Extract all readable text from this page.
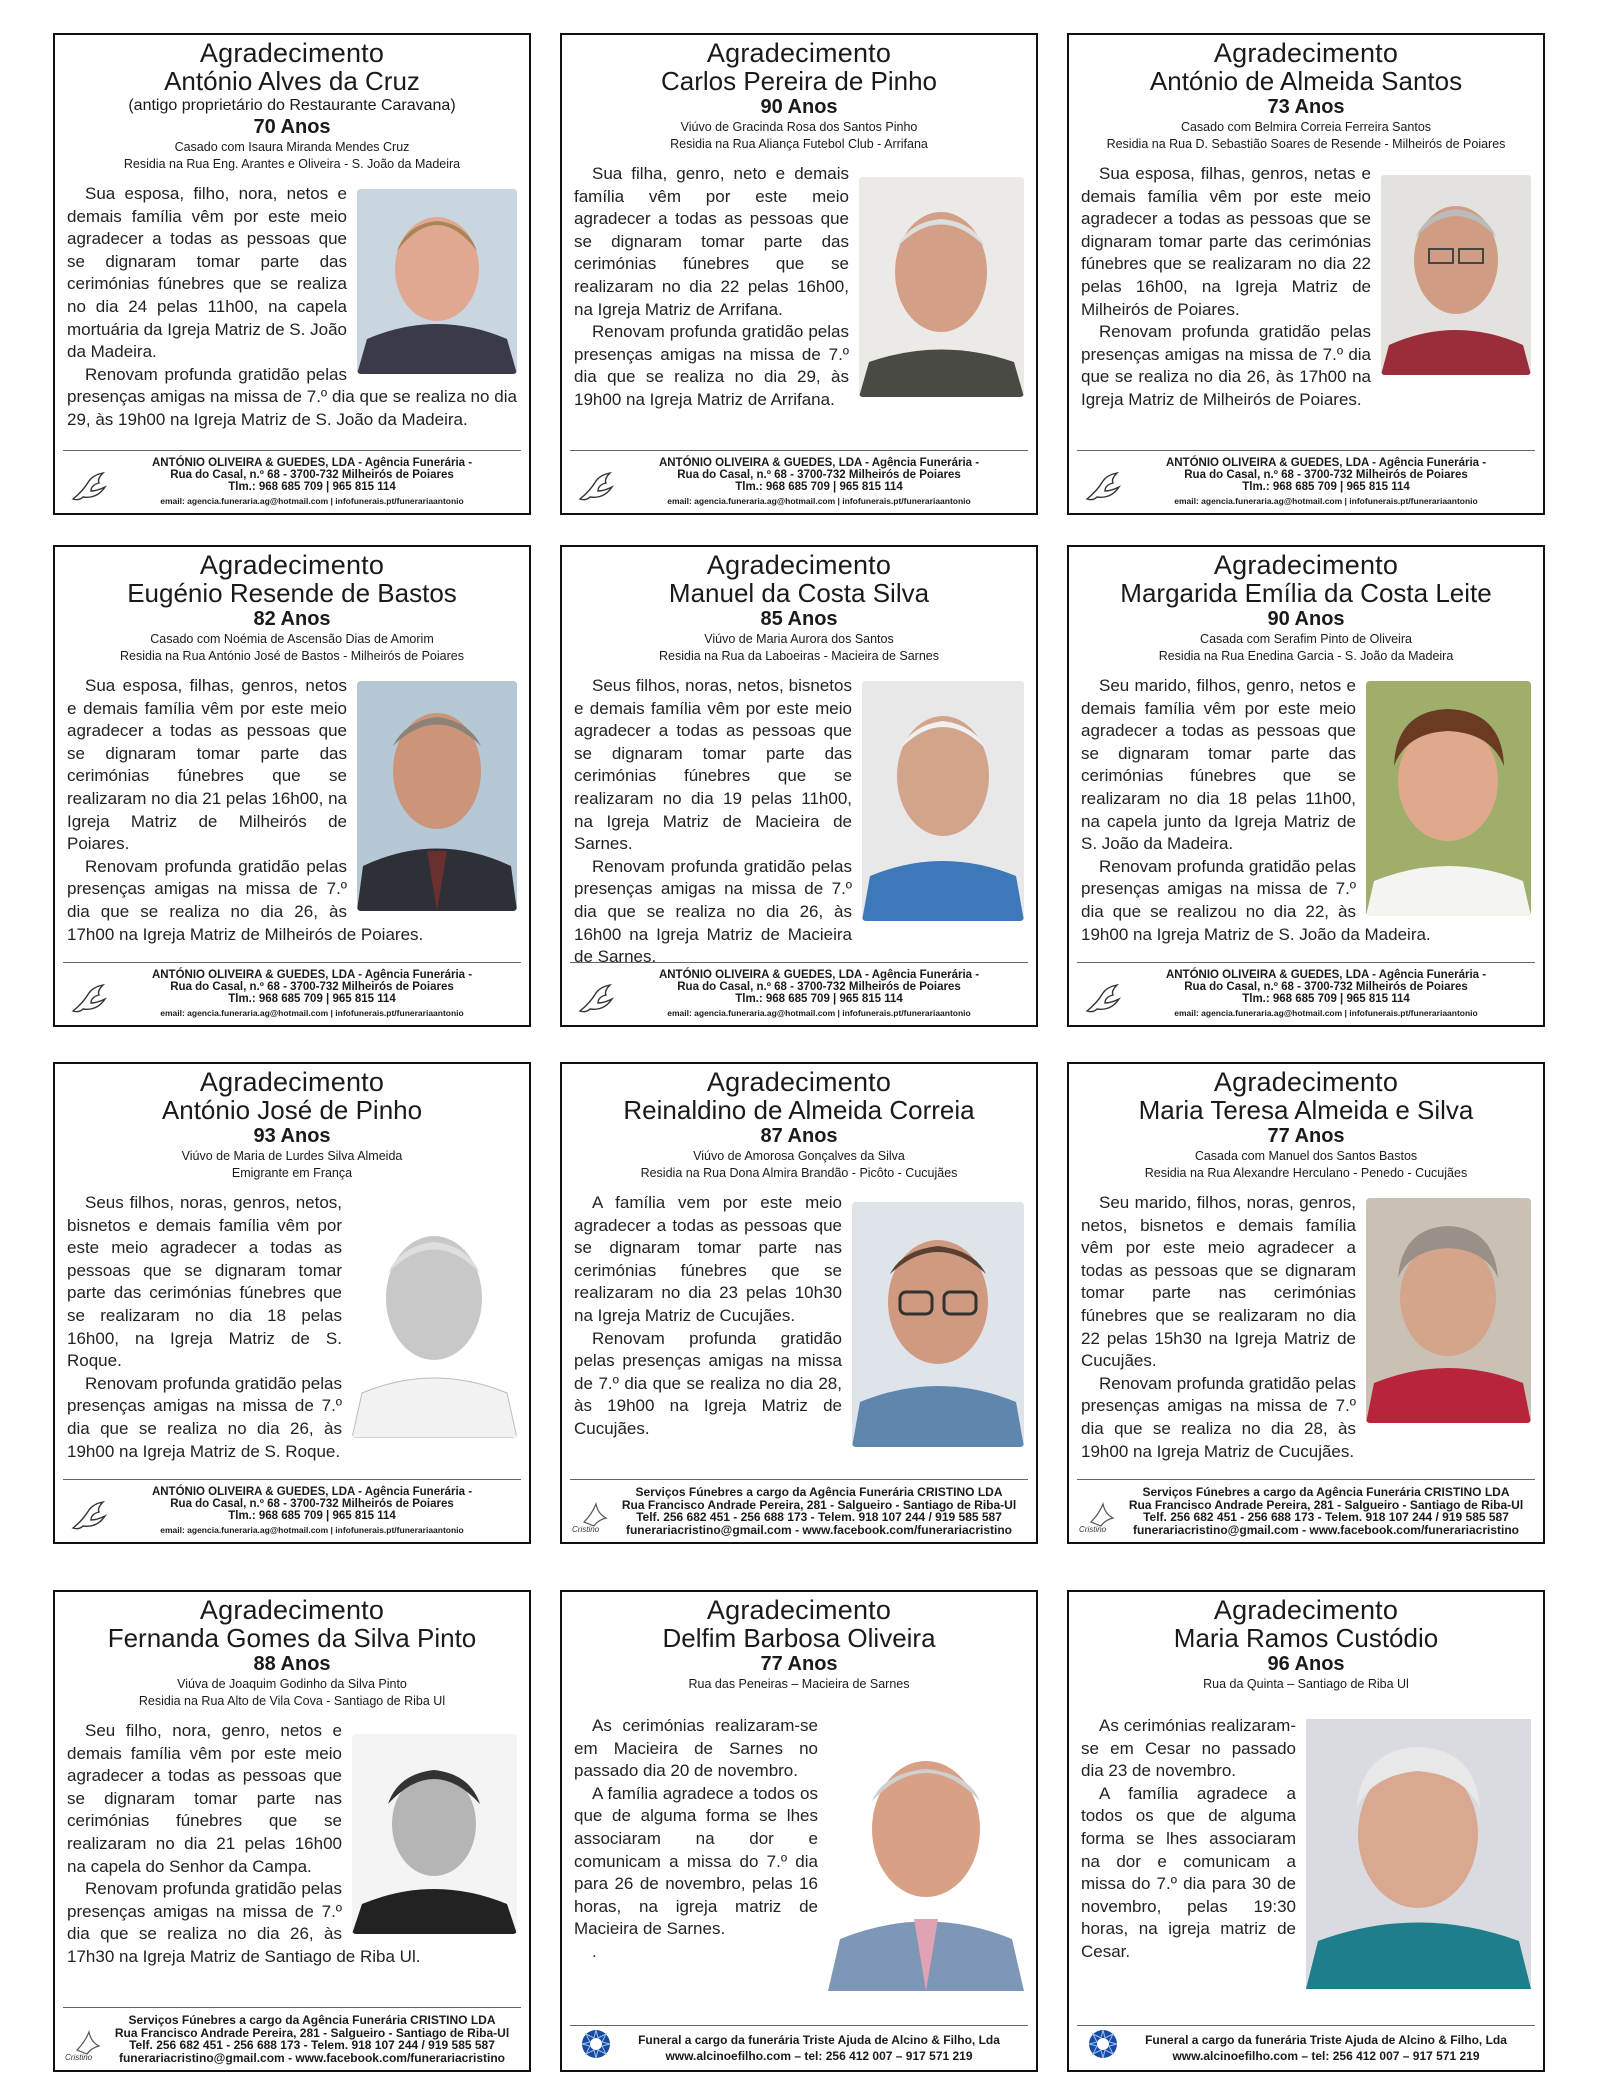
Agradecimento
António Alves da Cruz
(antigo proprietário do Restaurante Caravana)
70 Anos
Casado com Isaura Miranda Mendes Cruz
Residia na Rua Eng. Arantes e Oliveira - S. João da Madeira

Sua esposa, filho, nora, netos e demais família vêm por este meio agradecer a todas as pessoas que se dignaram tomar parte das cerimónias fúnebres que se realiza no dia 24 pelas 11h00, na capela mortuária da Igreja Matriz de S. João da Madeira.

Renovam profunda gratidão pelas presenças amigas na missa de 7.º dia que se realiza no dia 29, às 19h00 na Igreja Matriz de S. João da Madeira.

ANTÓNIO OLIVEIRA & GUEDES, LDA - Agência Funerária -
Rua do Casal, n.º 68 - 3700-732 Milheirós de Poiares
Tlm.: 968 685 709 | 965 815 114
email: agencia.funeraria.ag@hotmail.com | infofunerais.pt/funerariaantonio
Agradecimento
Carlos Pereira de Pinho
90 Anos
Viúvo de Gracinda Rosa dos Santos Pinho
Residia na Rua Aliança Futebol Club - Arrifana

Sua filha, genro, neto e demais família vêm por este meio agradecer a todas as pessoas que se dignaram tomar parte das cerimónias fúnebres que se realizaram no dia 22 pelas 16h00, na Igreja Matriz de Arrifana.

Renovam profunda gratidão pelas presenças amigas na missa de 7.º dia que se realiza no dia 29, às 19h00 na Igreja Matriz de Arrifana.

ANTÓNIO OLIVEIRA & GUEDES, LDA - Agência Funerária -
Rua do Casal, n.º 68 - 3700-732 Milheirós de Poiares
Tlm.: 968 685 709 | 965 815 114
email: agencia.funeraria.ag@hotmail.com | infofunerais.pt/funerariaantonio
Agradecimento
António de Almeida Santos
73 Anos
Casado com Belmira Correia Ferreira Santos
Residia na Rua D. Sebastião Soares de Resende - Milheirós de Poiares

Sua esposa, filhas, genros, netas e demais família vêm por este meio agradecer a todas as pessoas que se dignaram tomar parte das cerimónias fúnebres que se realizaram no dia 22 pelas 16h00, na Igreja Matriz de Milheirós de Poiares.

Renovam profunda gratidão pelas presenças amigas na missa de 7.º dia que se realiza no dia 26, às 17h00 na Igreja Matriz de Milheirós de Poiares.

ANTÓNIO OLIVEIRA & GUEDES, LDA - Agência Funerária -
Rua do Casal, n.º 68 - 3700-732 Milheirós de Poiares
Tlm.: 968 685 709 | 965 815 114
email: agencia.funeraria.ag@hotmail.com | infofunerais.pt/funerariaantonio
Agradecimento
Eugénio Resende de Bastos
82 Anos
Casado com Noémia de Ascensão Dias de Amorim
Residia na Rua António José de Bastos - Milheirós de Poiares

Sua esposa, filhas, genros, netos e demais família vêm por este meio agradecer a todas as pessoas que se dignaram tomar parte das cerimónias fúnebres que se realizaram no dia 21 pelas 16h00, na Igreja Matriz de Milheirós de Poiares.

Renovam profunda gratidão pelas presenças amigas na missa de 7.º dia que se realiza no dia 26, às 17h00 na Igreja Matriz de Milheirós de Poiares.

ANTÓNIO OLIVEIRA & GUEDES, LDA - Agência Funerária -
Rua do Casal, n.º 68 - 3700-732 Milheirós de Poiares
Tlm.: 968 685 709 | 965 815 114
email: agencia.funeraria.ag@hotmail.com | infofunerais.pt/funerariaantonio
Agradecimento
Manuel da Costa Silva
85 Anos
Viúvo de Maria Aurora dos Santos
Residia na Rua da Laboeiras - Macieira de Sarnes

Seus filhos, noras, netos, bisnetos e demais família vêm por este meio agradecer a todas as pessoas que se dignaram tomar parte das cerimónias fúnebres que se realizaram no dia 19 pelas 11h00, na Igreja Matriz de Macieira de Sarnes.

Renovam profunda gratidão pelas presenças amigas na missa de 7.º dia que se realiza no dia 26, às 16h00 na Igreja Matriz de Macieira de Sarnes.

ANTÓNIO OLIVEIRA & GUEDES, LDA - Agência Funerária -
Rua do Casal, n.º 68 - 3700-732 Milheirós de Poiares
Tlm.: 968 685 709 | 965 815 114
email: agencia.funeraria.ag@hotmail.com | infofunerais.pt/funerariaantonio
Agradecimento
Margarida Emília da Costa Leite
90 Anos
Casada com Serafim Pinto de Oliveira
Residia na Rua Enedina Garcia - S. João da Madeira

Seu marido, filhos, genro, netos e demais família vêm por este meio agradecer a todas as pessoas que se dignaram tomar parte das cerimónias fúnebres que se realizaram no dia 18 pelas 11h00, na capela junto da Igreja Matriz de S. João da Madeira.

Renovam profunda gratidão pelas presenças amigas na missa de 7.º dia que se realizou no dia 22, às 19h00 na Igreja Matriz de S. João da Madeira.

ANTÓNIO OLIVEIRA & GUEDES, LDA - Agência Funerária -
Rua do Casal, n.º 68 - 3700-732 Milheirós de Poiares
Tlm.: 968 685 709 | 965 815 114
email: agencia.funeraria.ag@hotmail.com | infofunerais.pt/funerariaantonio
Agradecimento
António José de Pinho
93 Anos
Viúvo de Maria de Lurdes Silva Almeida
Emigrante em França

Seus filhos, noras, genros, netos, bisnetos e demais família vêm por este meio agradecer a todas as pessoas que se dignaram tomar parte das cerimónias fúnebres que se realizaram no dia 18 pelas 16h00, na Igreja Matriz de S. Roque.

Renovam profunda gratidão pelas presenças amigas na missa de 7.º dia que se realiza no dia 26, às 19h00 na Igreja Matriz de S. Roque.

ANTÓNIO OLIVEIRA & GUEDES, LDA - Agência Funerária -
Rua do Casal, n.º 68 - 3700-732 Milheirós de Poiares
Tlm.: 968 685 709 | 965 815 114
email: agencia.funeraria.ag@hotmail.com | infofunerais.pt/funerariaantonio
Agradecimento
Reinaldino de Almeida Correia
87 Anos
Viúvo de Amorosa Gonçalves da Silva
Residia na Rua Dona Almira Brandão - Picôto - Cucujães

A família vem por este meio agradecer a todas as pessoas que se dignaram tomar parte nas cerimónias fúnebres que se realizaram no dia 23 pelas 10h30 na Igreja Matriz de Cucujães.

Renovam profunda gratidão pelas presenças amigas na missa de 7.º dia que se realiza no dia 28, às 19h00 na Igreja Matriz de Cucujães.

Serviços Fúnebres a cargo da Agência Funerária CRISTINO LDA
Rua Francisco Andrade Pereira, 281 - Salgueiro - Santiago de Riba-Ul
Telf. 256 682 451 - 256 688 173 - Telem. 918 107 244 / 919 585 587
funerariacristino@gmail.com - www.facebook.com/funerariacristino
Cristino
Agradecimento
Maria Teresa Almeida e Silva
77 Anos
Casada com Manuel dos Santos Bastos
Residia na Rua Alexandre Herculano - Penedo - Cucujães

Seu marido, filhos, noras, genros, netos, bisnetos e demais família vêm por este meio agradecer a todas as pessoas que se dignaram tomar parte nas cerimónias fúnebres que se realizaram no dia 22 pelas 15h30 na Igreja Matriz de Cucujães.

Renovam profunda gratidão pelas presenças amigas na missa de 7.º dia que se realiza no dia 28, às 19h00 na Igreja Matriz de Cucujães.

Serviços Fúnebres a cargo da Agência Funerária CRISTINO LDA
Rua Francisco Andrade Pereira, 281 - Salgueiro - Santiago de Riba-Ul
Telf. 256 682 451 - 256 688 173 - Telem. 918 107 244 / 919 585 587
funerariacristino@gmail.com - www.facebook.com/funerariacristino
Cristino
Agradecimento
Fernanda Gomes da Silva Pinto
88 Anos
Viúva de Joaquim Godinho da Silva Pinto
Residia na Rua Alto de Vila Cova - Santiago de Riba Ul

Seu filho, nora, genro, netos e demais família vêm por este meio agradecer a todas as pessoas que se dignaram tomar parte nas cerimónias fúnebres que se realizaram no dia 21 pelas 16h00 na capela do Senhor da Campa.

Renovam profunda gratidão pelas presenças amigas na missa de 7.º dia que se realiza no dia 26, às 17h30 na Igreja Matriz de Santiago de Riba Ul.

Serviços Fúnebres a cargo da Agência Funerária CRISTINO LDA
Rua Francisco Andrade Pereira, 281 - Salgueiro - Santiago de Riba-Ul
Telf. 256 682 451 - 256 688 173 - Telem. 918 107 244 / 919 585 587
funerariacristino@gmail.com - www.facebook.com/funerariacristino
Cristino
Agradecimento
Delfim Barbosa Oliveira
77 Anos
Rua das Peneiras – Macieira de Sarnes

As cerimónias realizaram-se em Macieira de Sarnes no passado dia 20 de novembro.

A família agradece a todos os que de alguma forma se lhes associaram na dor e comunicam a missa do 7.º dia para 26 de novembro, pelas 16 horas, na igreja matriz de Macieira de Sarnes.

.

Funeral a cargo da funerária Triste Ajuda de Alcino & Filho, Lda
www.alcinoefilho.com – tel: 256 412 007 – 917 571 219
Agradecimento
Maria Ramos Custódio
96 Anos
Rua da Quinta – Santiago de Riba Ul

As cerimónias realizaram-se em Cesar no passado dia 23 de novembro.

A família agradece a todos os que de alguma forma se lhes associaram na dor e comunicam a missa do 7.º dia para 30 de novembro, pelas 19:30 horas, na igreja matriz de Cesar.

Funeral a cargo da funerária Triste Ajuda de Alcino & Filho, Lda
www.alcinoefilho.com – tel: 256 412 007 – 917 571 219
